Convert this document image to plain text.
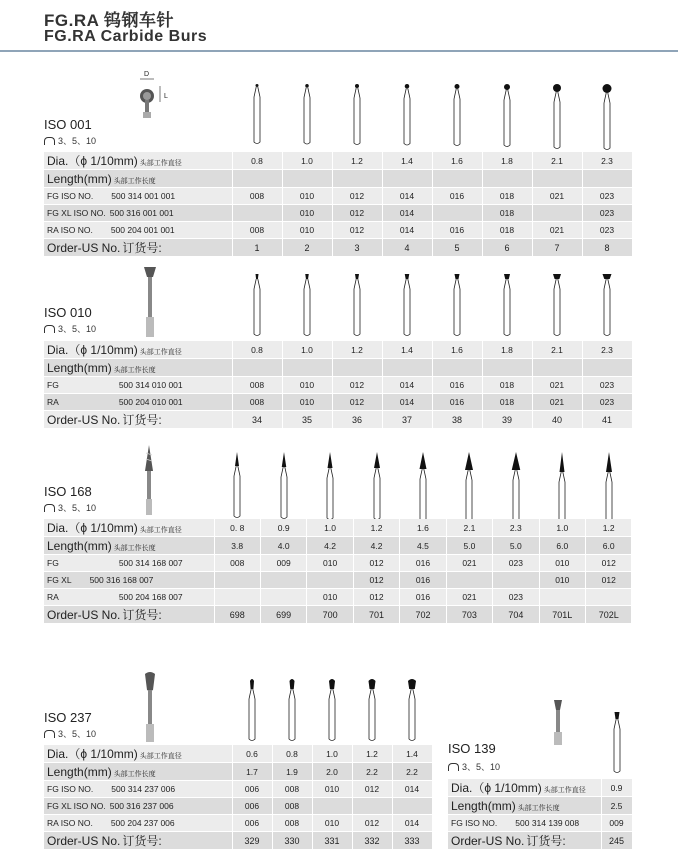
FG.RA 钨钢车针
FG.RA Carbide Burs
D
L
ISO 001
3、5、10
Dia.（ϕ 1/10mm) 头部工作直径	0.8	1.0	1.2	1.4	1.6	1.8	2.1	2.3
Length(mm) 头部工作长度								
FG ISO NO. 500 314 001 001	008	010	012	014	016	018	021	023
FG XL ISO NO. 500 316 001 001		010	012	014		018		023
RA ISO NO. 500 204 001 001	008	010	012	014	016	018	021	023
Order-US No. 订货号:	1	2	3	4	5	6	7	8
ISO 010
3、5、10
Dia.（ϕ 1/10mm) 头部工作直径	0.8	1.0	1.2	1.4	1.6	1.8	2.1	2.3
Length(mm) 头部工作长度								
FG 500 314 010 001	008	010	012	014	016	018	021	023
RA 500 204 010 001	008	010	012	014	016	018	021	023
Order-US No. 订货号:	34	35	36	37	38	39	40	41
ISO 168
3、5、10
Dia.（ϕ 1/10mm) 头部工作直径	0. 8	0.9	1.0	1.2	1.6	2.1	2.3	1.0	1.2
Length(mm) 头部工作长度	3.8	4.0	4.2	4.2	4.5	5.0	5.0	6.0	6.0
FG 500 314 168 007	008	009	010	012	016	021	023	010	012
FG XL 500 316 168 007				012	016			010	012
RA 500 204 168 007			010	012	016	021	023		
Order-US No. 订货号:	698	699	700	701	702	703	704	701L	702L
ISO 237
3、5、10
Dia.（ϕ 1/10mm) 头部工作直径	0.6	0.8	1.0	1.2	1.4
Length(mm) 头部工作长度	1.7	1.9	2.0	2.2	2.2
FG ISO NO. 500 314 237 006	006	008	010	012	014
FG XL ISO NO. 500 316 237 006	006	008			
RA ISO NO. 500 204 237 006	006	008	010	012	014
Order-US No. 订货号:	329	330	331	332	333
ISO 139
3、5、10
Dia.（ϕ 1/10mm) 头部工作直径	0.9
Length(mm) 头部工作长度	2.5
FG ISO NO. 500 314 139 008	009
Order-US No. 订货号:	245
